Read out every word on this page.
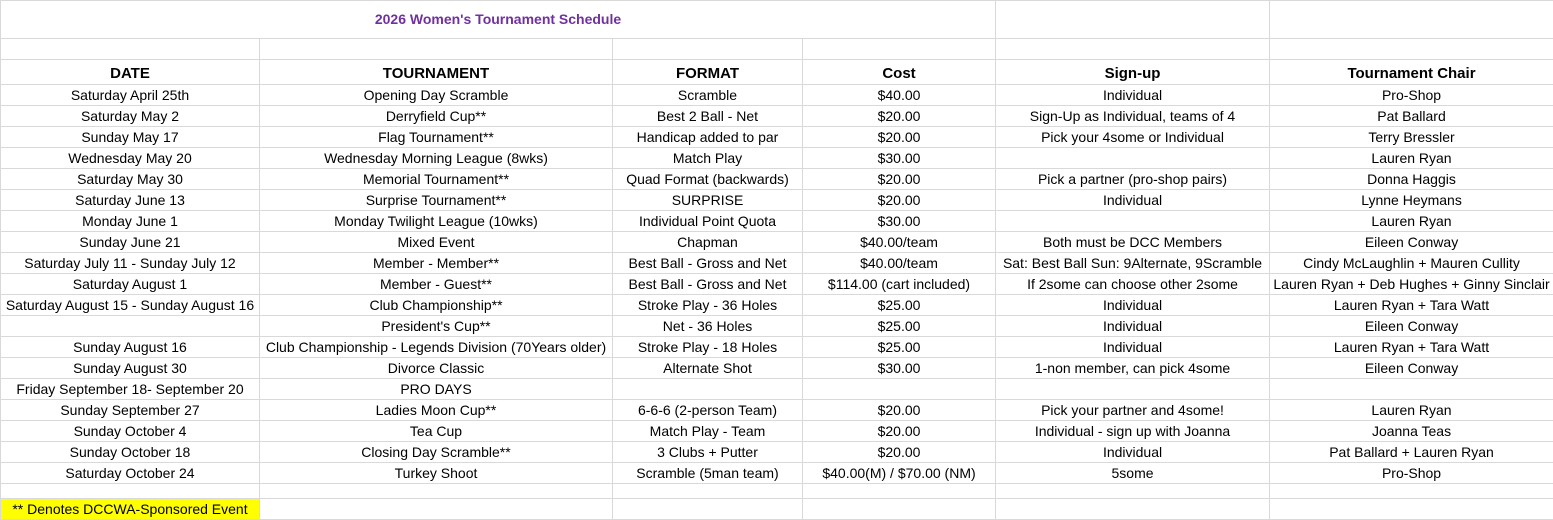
2026 Women's Tournament Schedule					

DATE	TOURNAMENT	FORMAT	Cost	Sign-up	Tournament Chair
Saturday April 25th	Opening Day Scramble	Scramble	$40.00	Individual	Pro-Shop
Saturday May 2	Derryfield Cup**	Best 2 Ball - Net	$20.00	Sign-Up as Individual, teams of 4	Pat Ballard
Sunday May 17	Flag Tournament**	Handicap added to par	$20.00	Pick your 4some or Individual	Terry Bressler
Wednesday May 20	Wednesday Morning League (8wks)	Match Play	$30.00		Lauren Ryan
Saturday May 30	Memorial Tournament**	Quad Format (backwards)	$20.00	Pick a partner (pro-shop pairs)	Donna Haggis
Saturday June 13	Surprise Tournament**	SURPRISE	$20.00	Individual	Lynne Heymans
Monday June 1	Monday Twilight League (10wks)	Individual Point Quota	$30.00		Lauren Ryan
Sunday June 21	Mixed Event	Chapman	$40.00/team	Both must be DCC Members	Eileen Conway
Saturday July 11 - Sunday July 12	Member - Member**	Best Ball - Gross and Net	$40.00/team	Sat: Best Ball Sun: 9Alternate, 9Scramble	Cindy McLaughlin + Mauren Cullity
Saturday August 1	Member - Guest**	Best Ball - Gross and Net	$114.00 (cart included)	If 2some can choose other 2some	Lauren Ryan + Deb Hughes + Ginny Sinclair
Saturday August 15 - Sunday August 16	Club Championship**	Stroke Play - 36 Holes	$25.00	Individual	Lauren Ryan + Tara Watt
	President's Cup**	Net - 36 Holes	$25.00	Individual	Eileen Conway
Sunday August 16	Club Championship - Legends Division (70Years older)	Stroke Play - 18 Holes	$25.00	Individual	Lauren Ryan + Tara Watt
Sunday August 30	Divorce Classic	Alternate Shot	$30.00	1-non member, can pick 4some	Eileen Conway
Friday September 18- September 20	PRO DAYS				
Sunday September 27	Ladies Moon Cup**	6-6-6 (2-person Team)	$20.00	Pick your partner and 4some!	Lauren Ryan
Sunday October 4	Tea Cup	Match Play - Team	$20.00	Individual - sign up with Joanna	Joanna Teas
Sunday October 18	Closing Day Scramble**	3 Clubs + Putter	$20.00	Individual	Pat Ballard + Lauren Ryan
Saturday October 24	Turkey Shoot	Scramble (5man team)	$40.00(M) / $70.00 (NM)	5some	Pro-Shop

** Denotes DCCWA-Sponsored Event					
